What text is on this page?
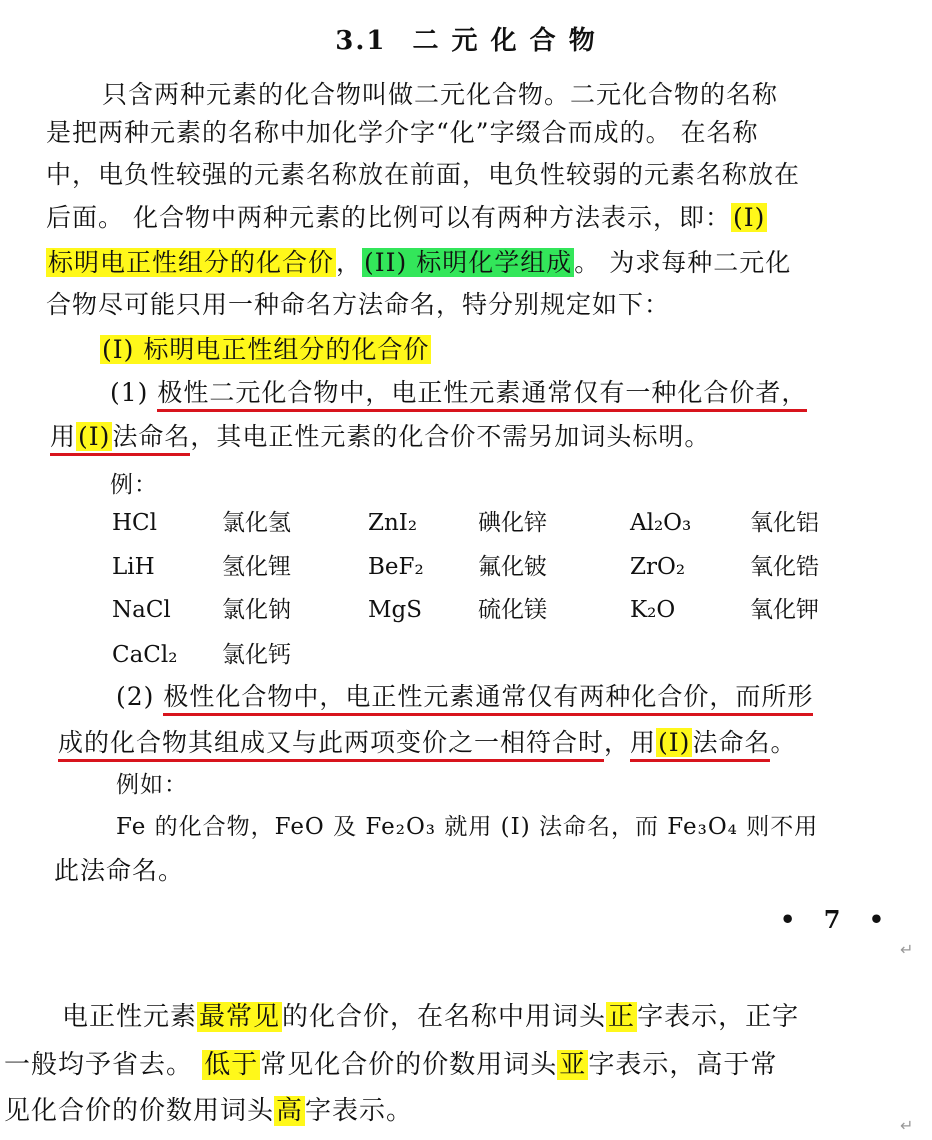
3.1 二 元 化 合 物
只含两种元素的化合物叫做二元化合物。二元化合物的名称
是把两种元素的名称中加化学介字“化”字缀合而成的。 在名称
中，电负性较强的元素名称放在前面，电负性较弱的元素名称放在
后面。 化合物中两种元素的比例可以有两种方法表示，即：(I)
标明电正性组分的化合价，(II) 标明化学组成。 为求每种二元化
合物尽可能只用一种命名方法命名，特分别规定如下：
(I) 标明电正性组分的化合价
(1) 极性二元化合物中，电正性元素通常仅有一种化合价者，
用(I)法命名，其电正性元素的化合价不需另加词头标明。
例：
HCl	氯化氢	ZnI₂	碘化锌	Al₂O₃	氧化铝
LiH	氢化锂	BeF₂ 氟化铍	ZrO₂	氧化锆
NaCl 氯化钠	MgS 硫化镁	K₂O	氧化钾
CaCl₂ 氯化钙
(2) 极性化合物中，电正性元素通常仅有两种化合价，而所形
成的化合物其组成又与此两项变价之一相符合时，用(I)法命名。
例如：
Fe 的化合物，FeO 及 Fe₂O₃ 就用 (I) 法命名，而 Fe₃O₄ 则不用
此法命名。
• 7 •
↵
电正性元素最常见的化合价，在名称中用词头正字表示，正字
一般均予省去。 低于常见化合价的价数用词头亚字表示，高于常
见化合价的价数用词头高字表示。	↵
